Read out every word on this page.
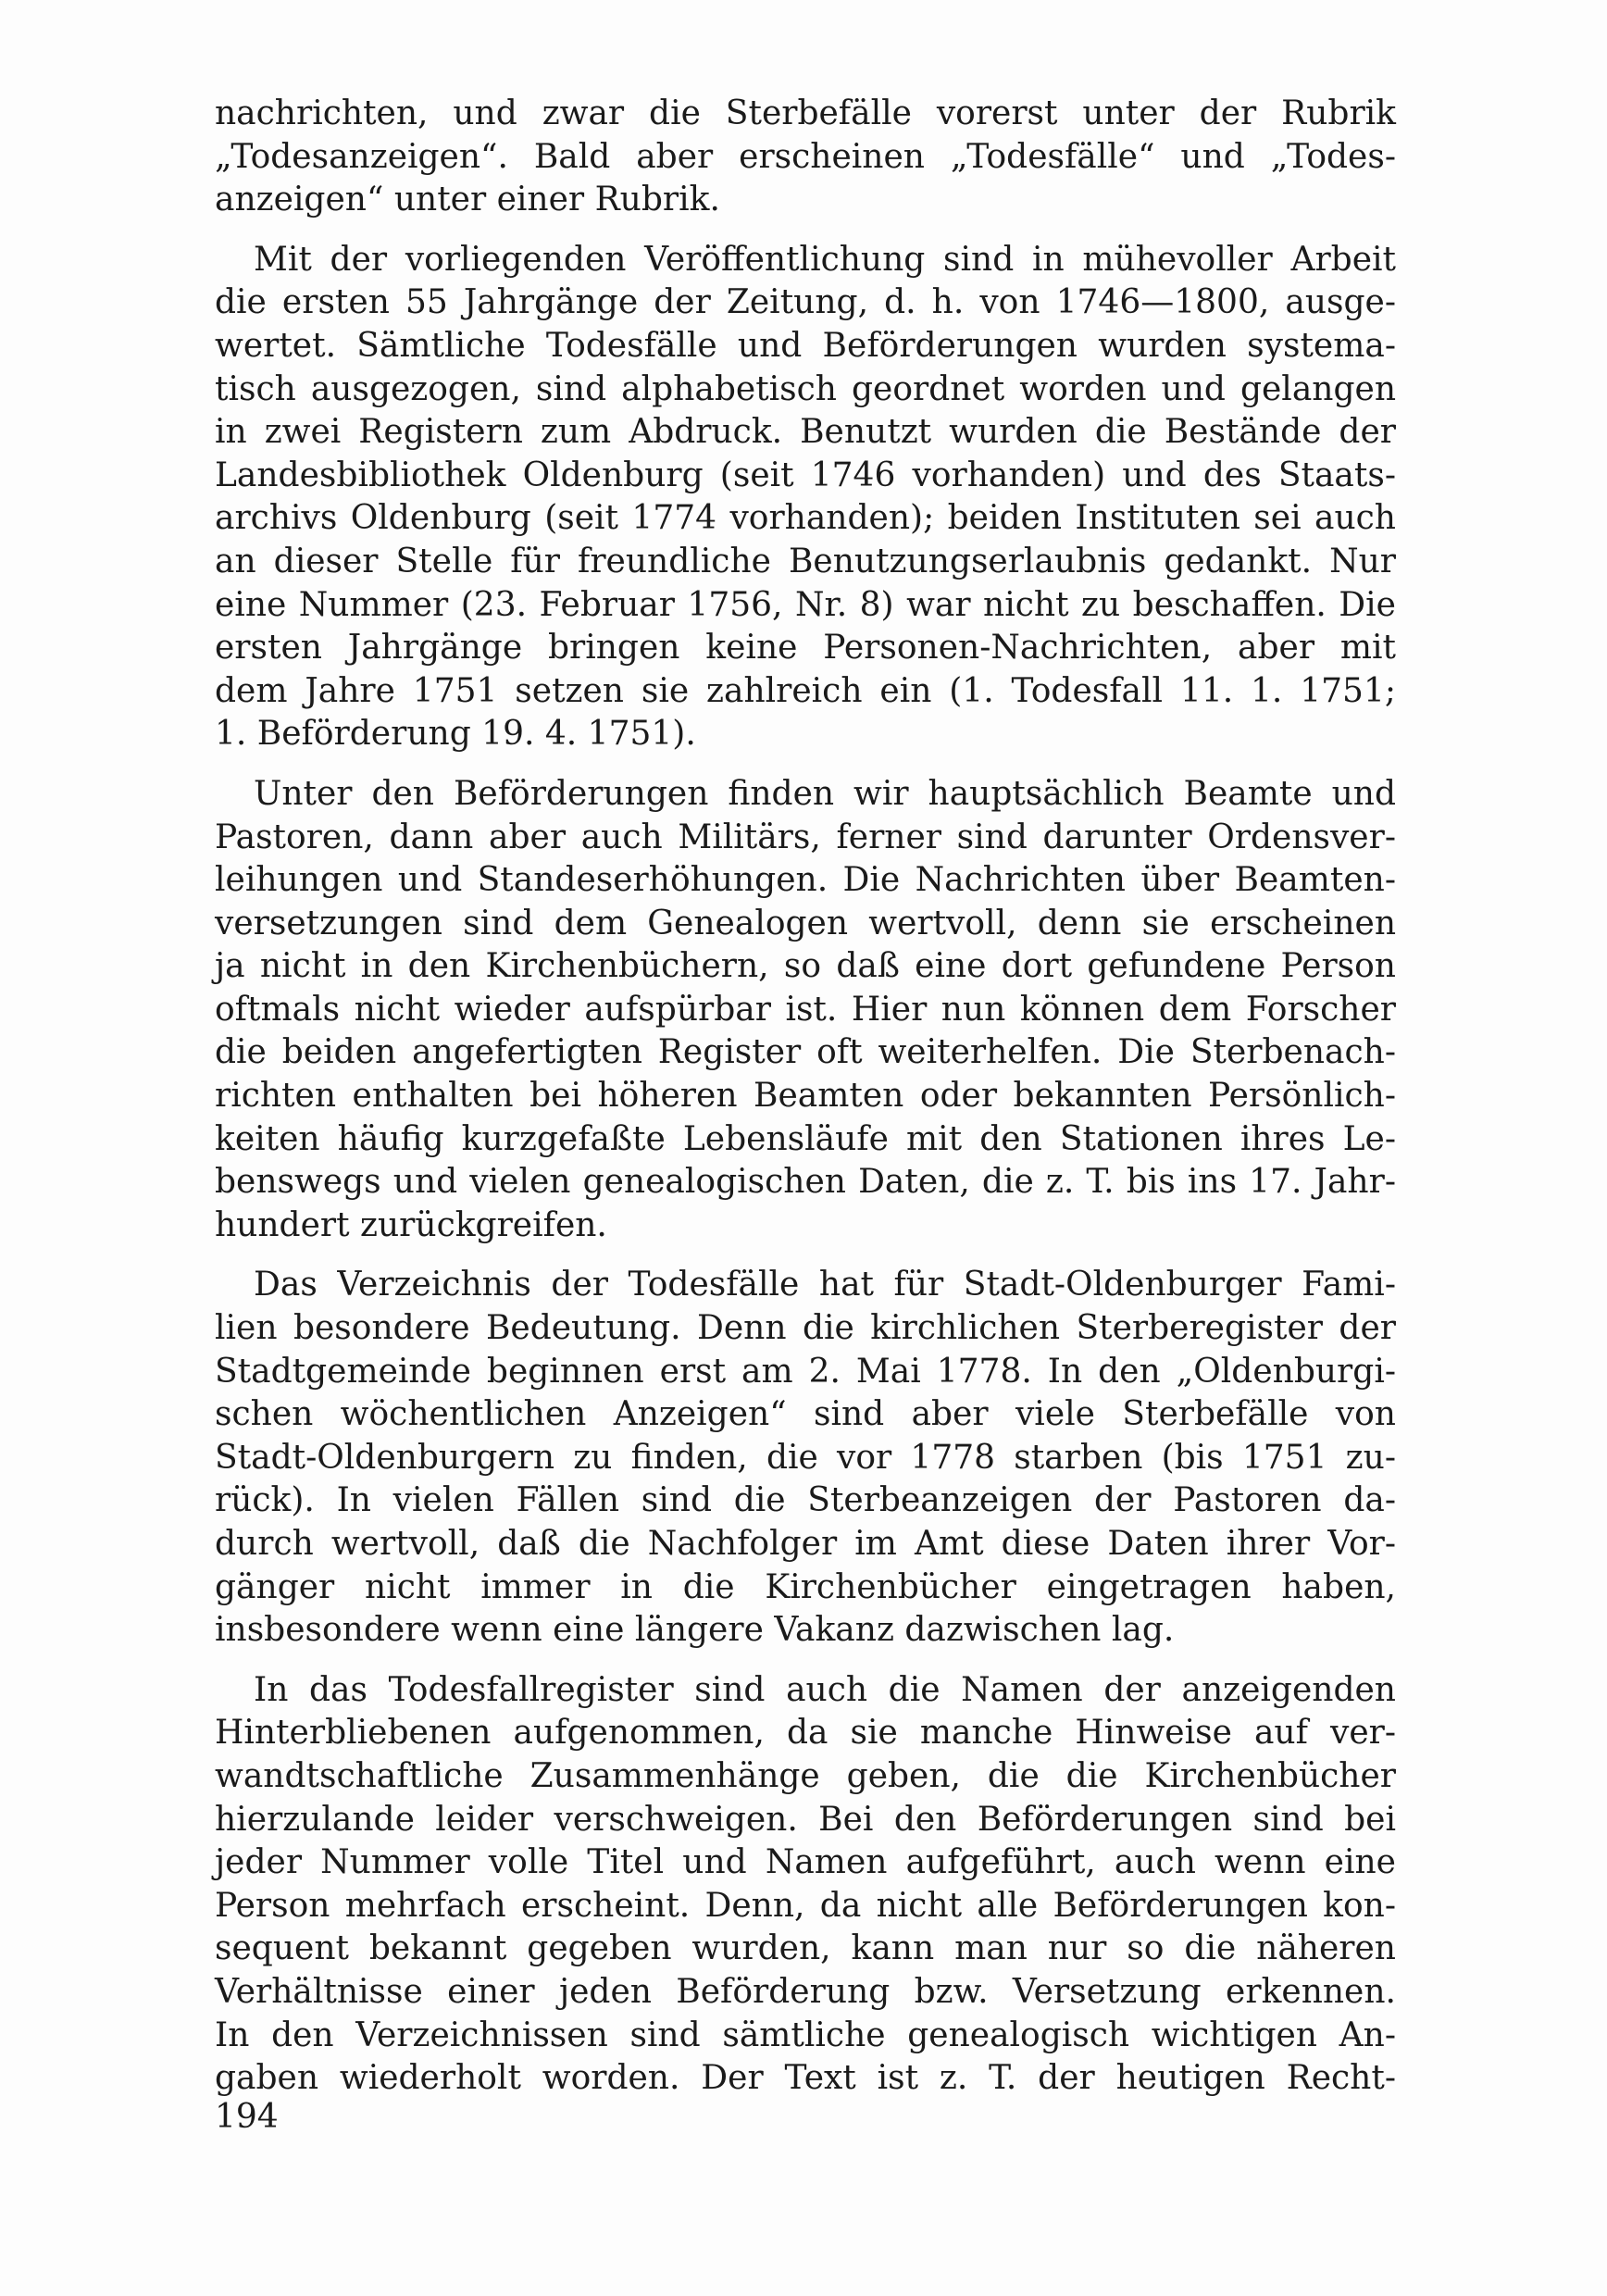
nachrichten, und zwar die Sterbefälle vorerst unter der Rubrik
„Todesanzeigen“. Bald aber erscheinen „Todesfälle“ und „Todes-
anzeigen“ unter einer Rubrik.
Mit der vorliegenden Veröffentlichung sind in mühevoller Arbeit
die ersten 55 Jahrgänge der Zeitung, d. h. von 1746—1800, ausge-
wertet. Sämtliche Todesfälle und Beförderungen wurden systema-
tisch ausgezogen, sind alphabetisch geordnet worden und gelangen
in zwei Registern zum Abdruck. Benutzt wurden die Bestände der
Landesbibliothek Oldenburg (seit 1746 vorhanden) und des Staats-
archivs Oldenburg (seit 1774 vorhanden); beiden Instituten sei auch
an dieser Stelle für freundliche Benutzungserlaubnis gedankt. Nur
eine Nummer (23. Februar 1756, Nr. 8) war nicht zu beschaffen. Die
ersten Jahrgänge bringen keine Personen-Nachrichten, aber mit
dem Jahre 1751 setzen sie zahlreich ein (1. Todesfall 11. 1. 1751;
1. Beförderung 19. 4. 1751).
Unter den Beförderungen finden wir hauptsächlich Beamte und
Pastoren, dann aber auch Militärs, ferner sind darunter Ordensver-
leihungen und Standeserhöhungen. Die Nachrichten über Beamten-
versetzungen sind dem Genealogen wertvoll, denn sie erscheinen
ja nicht in den Kirchenbüchern, so daß eine dort gefundene Person
oftmals nicht wieder aufspürbar ist. Hier nun können dem Forscher
die beiden angefertigten Register oft weiterhelfen. Die Sterbenach-
richten enthalten bei höheren Beamten oder bekannten Persönlich-
keiten häufig kurzgefaßte Lebensläufe mit den Stationen ihres Le-
benswegs und vielen genealogischen Daten, die z. T. bis ins 17. Jahr-
hundert zurückgreifen.
Das Verzeichnis der Todesfälle hat für Stadt-Oldenburger Fami-
lien besondere Bedeutung. Denn die kirchlichen Sterberegister der
Stadtgemeinde beginnen erst am 2. Mai 1778. In den „Oldenburgi-
schen wöchentlichen Anzeigen“ sind aber viele Sterbefälle von
Stadt-Oldenburgern zu finden, die vor 1778 starben (bis 1751 zu-
rück). In vielen Fällen sind die Sterbeanzeigen der Pastoren da-
durch wertvoll, daß die Nachfolger im Amt diese Daten ihrer Vor-
gänger nicht immer in die Kirchenbücher eingetragen haben,
insbesondere wenn eine längere Vakanz dazwischen lag.
In das Todesfallregister sind auch die Namen der anzeigenden
Hinterbliebenen aufgenommen, da sie manche Hinweise auf ver-
wandtschaftliche Zusammenhänge geben, die die Kirchenbücher
hierzulande leider verschweigen. Bei den Beförderungen sind bei
jeder Nummer volle Titel und Namen aufgeführt, auch wenn eine
Person mehrfach erscheint. Denn, da nicht alle Beförderungen kon-
sequent bekannt gegeben wurden, kann man nur so die näheren
Verhältnisse einer jeden Beförderung bzw. Versetzung erkennen.
In den Verzeichnissen sind sämtliche genealogisch wichtigen An-
gaben wiederholt worden. Der Text ist z. T. der heutigen Recht-
194
